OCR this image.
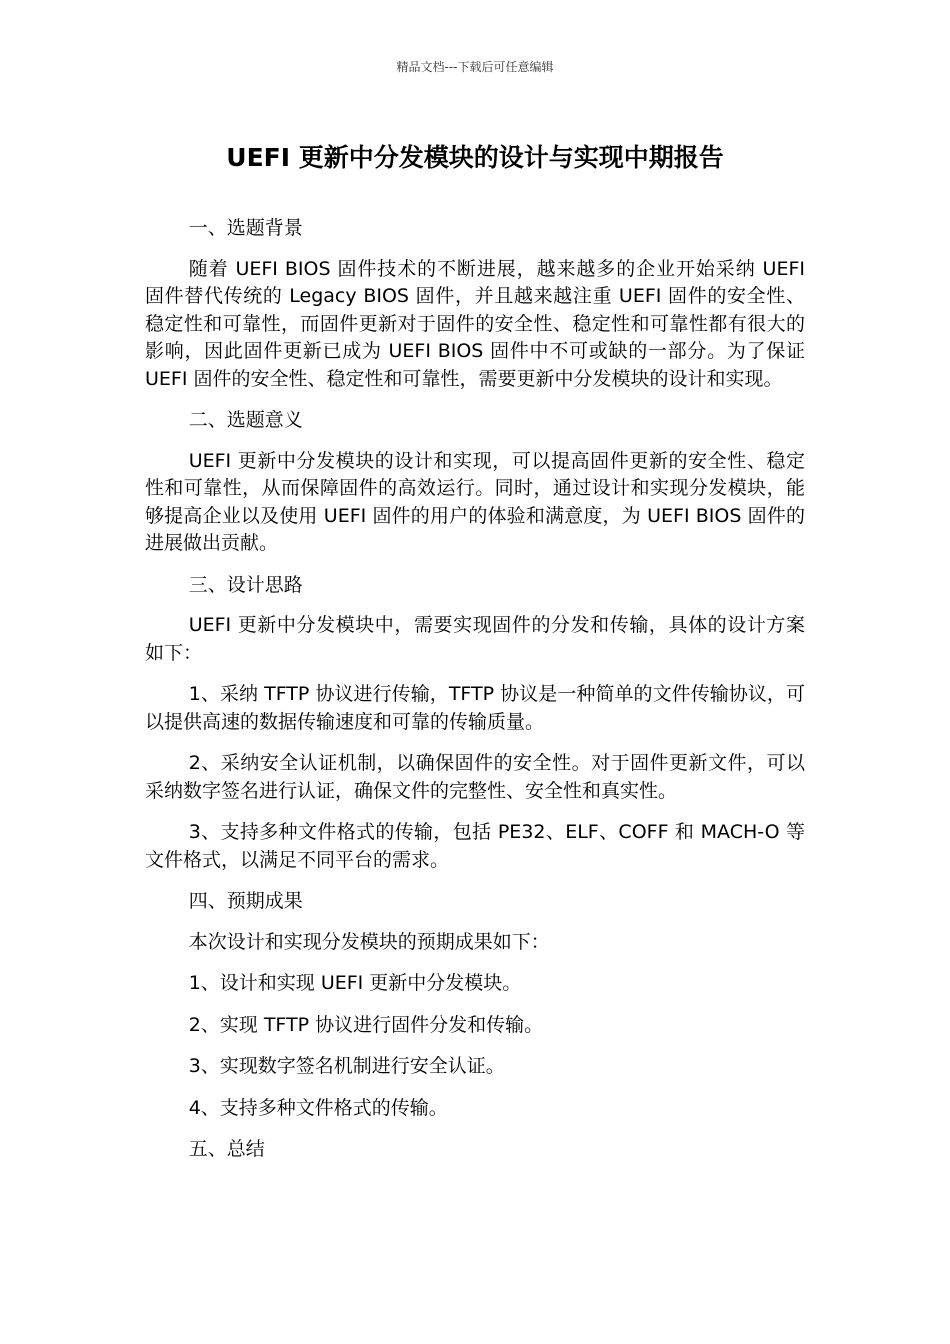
精品文档---下载后可任意编辑
UEFI 更新中分发模块的设计与实现中期报告

一、选题背景

随着 UEFI BIOS 固件技术的不断进展，越来越多的企业开始采纳 UEFI 固件替代传统的 Legacy BIOS 固件，并且越来越注重 UEFI 固件的安全性、稳定性和可靠性，而固件更新对于固件的安全性、稳定性和可靠性都有很大的影响，因此固件更新已成为 UEFI BIOS 固件中不可或缺的一部分。为了保证 UEFI 固件的安全性、稳定性和可靠性，需要更新中分发模块的设计和实现。

二、选题意义

UEFI 更新中分发模块的设计和实现，可以提高固件更新的安全性、稳定性和可靠性，从而保障固件的高效运行。同时，通过设计和实现分发模块，能够提高企业以及使用 UEFI 固件的用户的体验和满意度，为 UEFI BIOS 固件的进展做出贡献。

三、设计思路

UEFI 更新中分发模块中，需要实现固件的分发和传输，具体的设计方案如下：

1、采纳 TFTP 协议进行传输，TFTP 协议是一种简单的文件传输协议，可以提供高速的数据传输速度和可靠的传输质量。

2、采纳安全认证机制，以确保固件的安全性。对于固件更新文件，可以采纳数字签名进行认证，确保文件的完整性、安全性和真实性。

3、支持多种文件格式的传输，包括 PE32、ELF、COFF 和 MACH-O 等文件格式，以满足不同平台的需求。

四、预期成果

本次设计和实现分发模块的预期成果如下：

1、设计和实现 UEFI 更新中分发模块。

2、实现 TFTP 协议进行固件分发和传输。

3、实现数字签名机制进行安全认证。

4、支持多种文件格式的传输。

五、总结
